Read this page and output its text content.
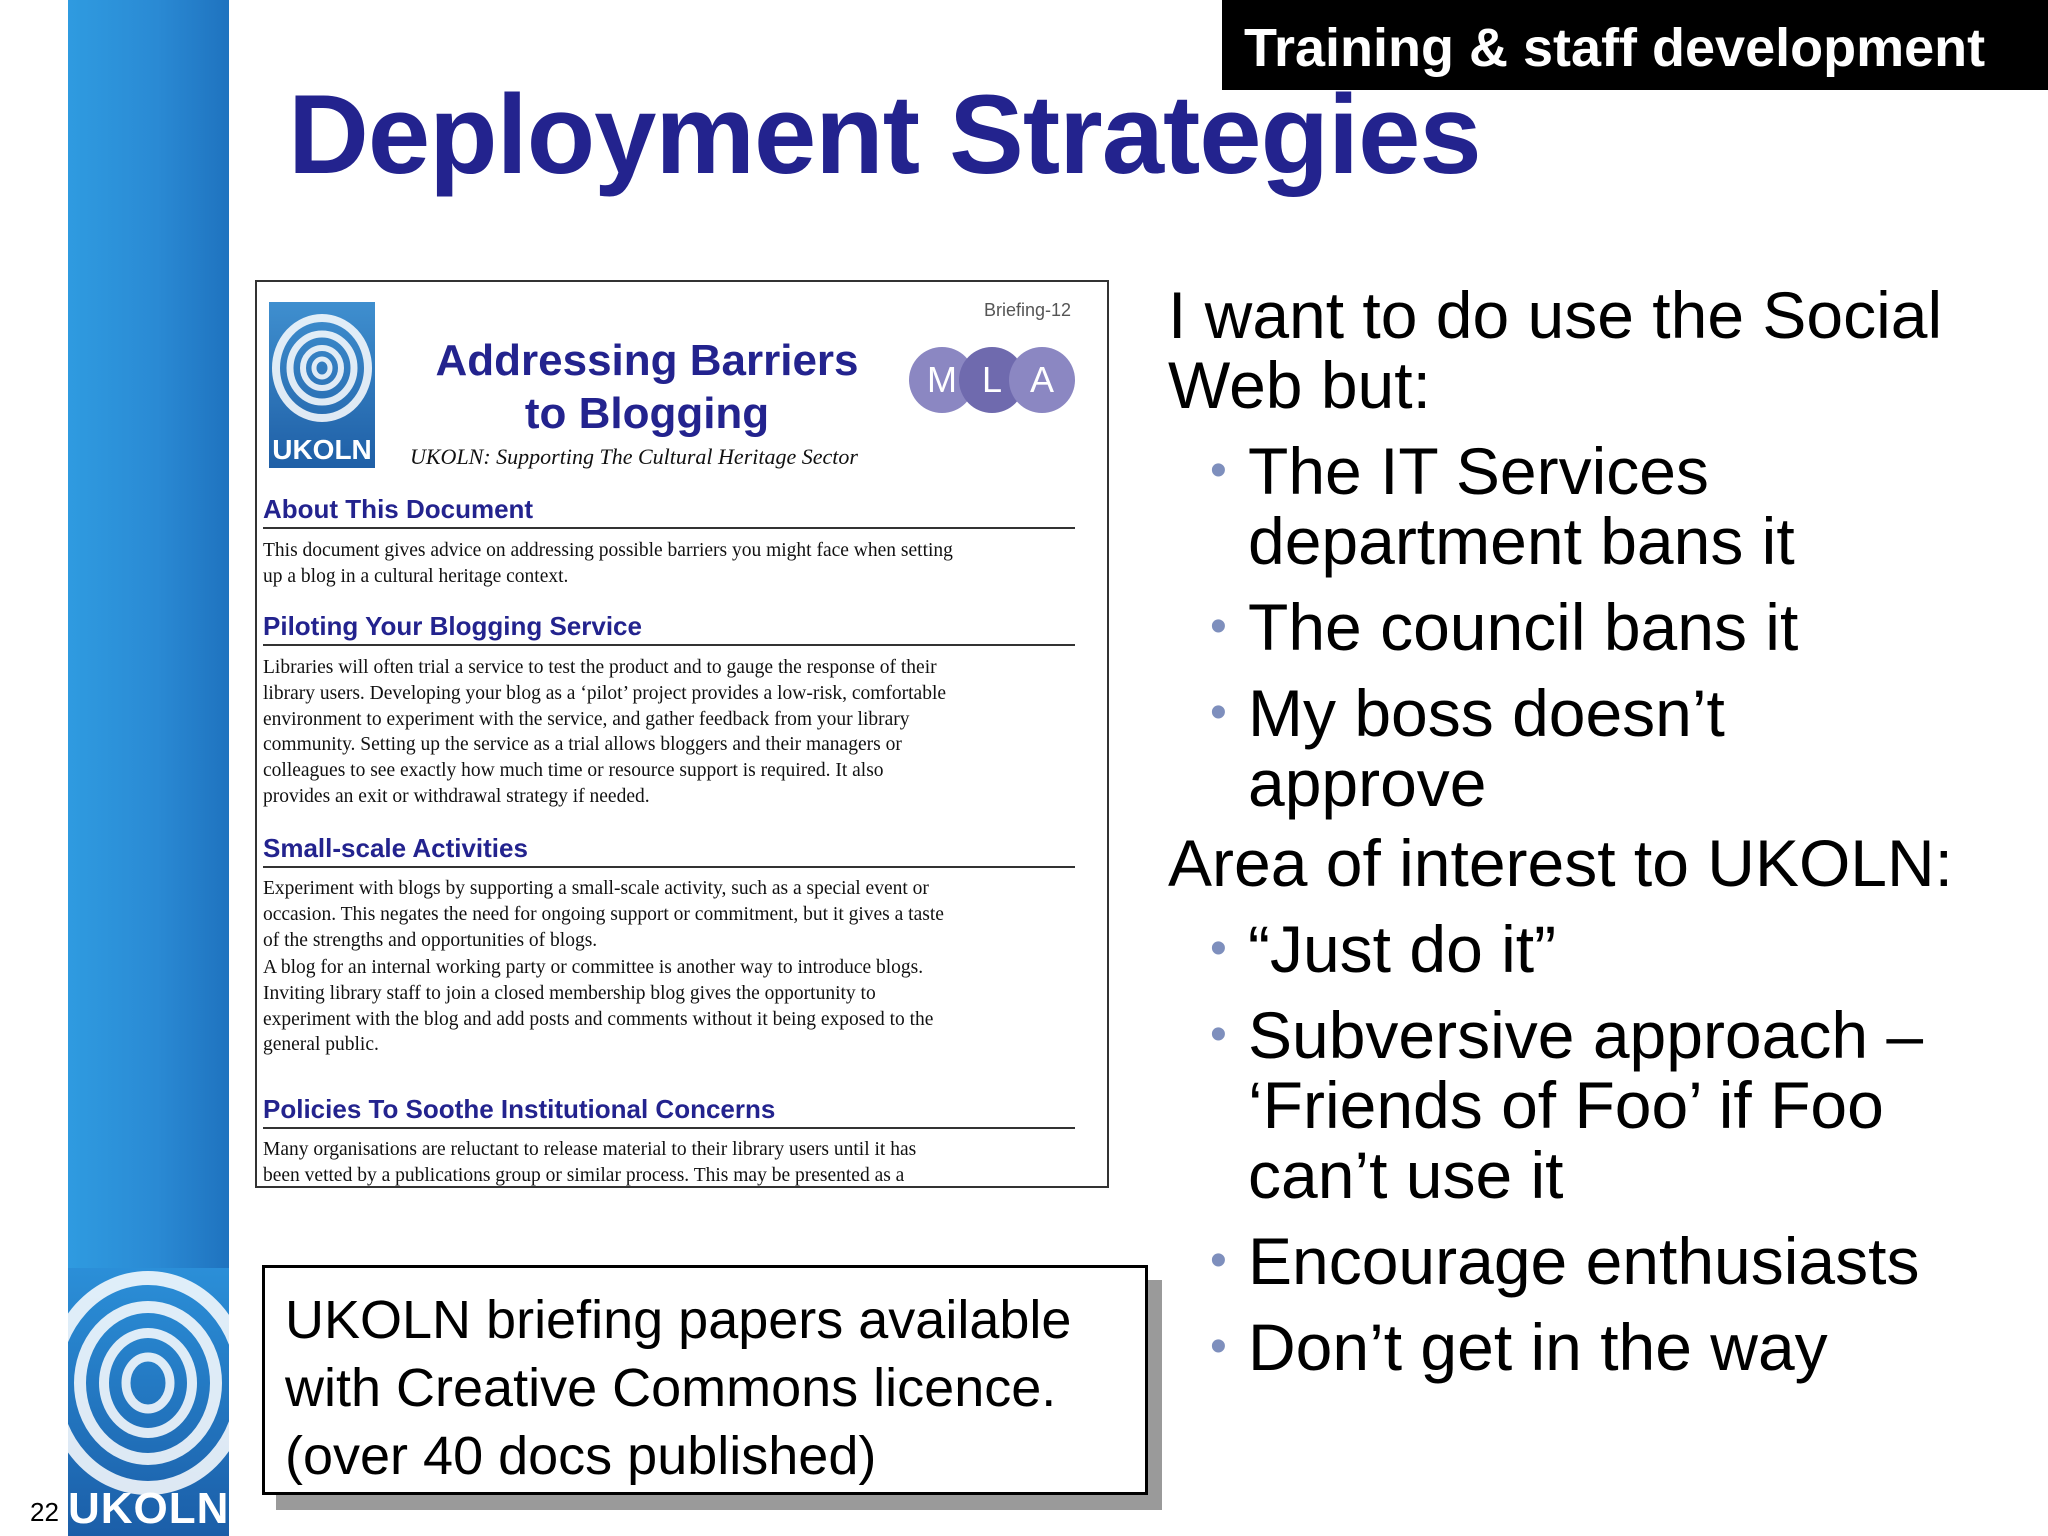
UKOLN
22
Training & staff development
Deployment Strategies
Briefing-12
UKOLN
Addressing Barriers
to Blogging
M L A
UKOLN: Supporting The Cultural Heritage Sector
About This Document
This document gives advice on addressing possible barriers you might face when setting
up a blog in a cultural heritage context.
Piloting Your Blogging Service
Libraries will often trial a service to test the product and to gauge the response of their
library users. Developing your blog as a ‘pilot’ project provides a low-risk, comfortable
environment to experiment with the service, and gather feedback from your library
community. Setting up the service as a trial allows bloggers and their managers or
colleagues to see exactly how much time or resource support is required. It also
provides an exit or withdrawal strategy if needed.
Small-scale Activities
Experiment with blogs by supporting a small-scale activity, such as a special event or
occasion. This negates the need for ongoing support or commitment, but it gives a taste
of the strengths and opportunities of blogs.
A blog for an internal working party or committee is another way to introduce blogs.
Inviting library staff to join a closed membership blog gives the opportunity to
experiment with the blog and add posts and comments without it being exposed to the
general public.
Policies To Soothe Institutional Concerns
Many organisations are reluctant to release material to their library users until it has
been vetted by a publications group or similar process. This may be presented as a
UKOLN briefing papers available
with Creative Commons licence.
(over 40 docs published)
I want to do use the Social
Web but:
• The IT Services
department bans it
• The council bans it
• My boss doesn’t
approve
Area of interest to UKOLN:
• “Just do it”
• Subversive approach –
‘Friends of Foo’ if Foo
can’t use it
• Encourage enthusiasts
• Don’t get in the way
